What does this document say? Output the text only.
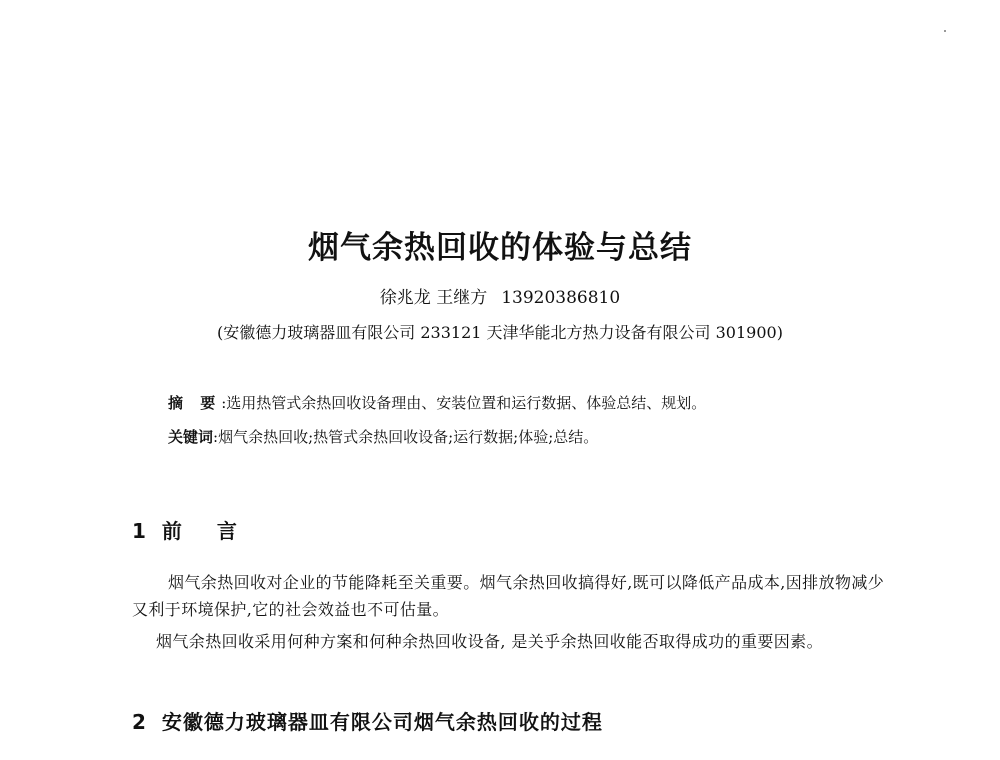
烟气余热回收的体验与总结
徐兆龙 王继方 13920386810
(安徽德力玻璃器皿有限公司 233121 天津华能北方热力设备有限公司 301900)
摘 要:选用热管式余热回收设备理由、安装位置和运行数据、体验总结、规划。
关键词:烟气余热回收;热管式余热回收设备;运行数据;体验;总结。
1 前 言
烟气余热回收对企业的节能降耗至关重要。烟气余热回收搞得好,既可以降低产品成本,因排放物减少又利于环境保护,它的社会效益也不可估量。
烟气余热回收采用何种方案和何种余热回收设备, 是关乎余热回收能否取得成功的重要因素。
2 安徽德力玻璃器皿有限公司烟气余热回收的过程
